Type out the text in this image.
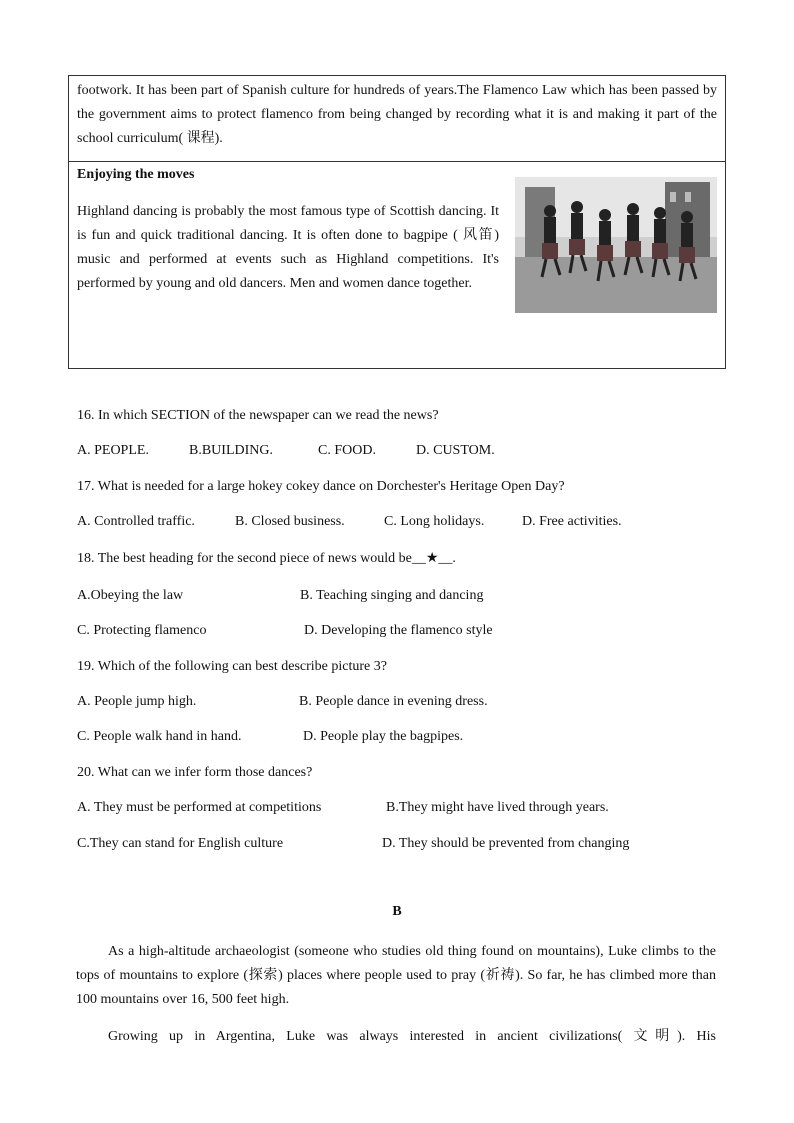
footwork. It has been part of Spanish culture for hundreds of years.The Flamenco Law which has been passed by the government aims to protect flamenco from being changed by recording what it is and making it part of the school curriculum( 课程).

Enjoying the moves

Highland dancing is probably the most famous type of Scottish dancing. It is fun and quick traditional dancing. It is often done to bagpipe ( 风笛) music and performed at events such as Highland competitions. It's performed by young and old dancers. Men and women dance together.

16. In which SECTION of the newspaper can we read the news?
A. PEOPLE.	B.BUILDING.	C. FOOD.	D. CUSTOM.
17. What is needed for a large hokey cokey dance on Dorchester's Heritage Open Day?
A. Controlled traffic.	B. Closed business.	C. Long holidays.	D. Free activities.
18. The best heading for the second piece of news would be__★__.
A.Obeying the law	B. Teaching singing and dancing
C. Protecting flamenco	D. Developing the flamenco style
19. Which of the following can best describe picture 3?
A. People jump high.	B. People dance in evening dress.
C. People walk hand in hand.	D. People play the bagpipes.
20. What can we infer form those dances?
A. They must be performed at competitions	B.They might have lived through years.
C.They can stand for English culture	D. They should be prevented from changing
B

As a high-altitude archaeologist (someone who studies old thing found on mountains), Luke climbs to the tops of mountains to explore (探索) places where people used to pray (祈祷). So far, he has climbed more than 100 mountains over 16, 500 feet high.

Growing up in Argentina, Luke was always interested in ancient civilizations( 文明). His
